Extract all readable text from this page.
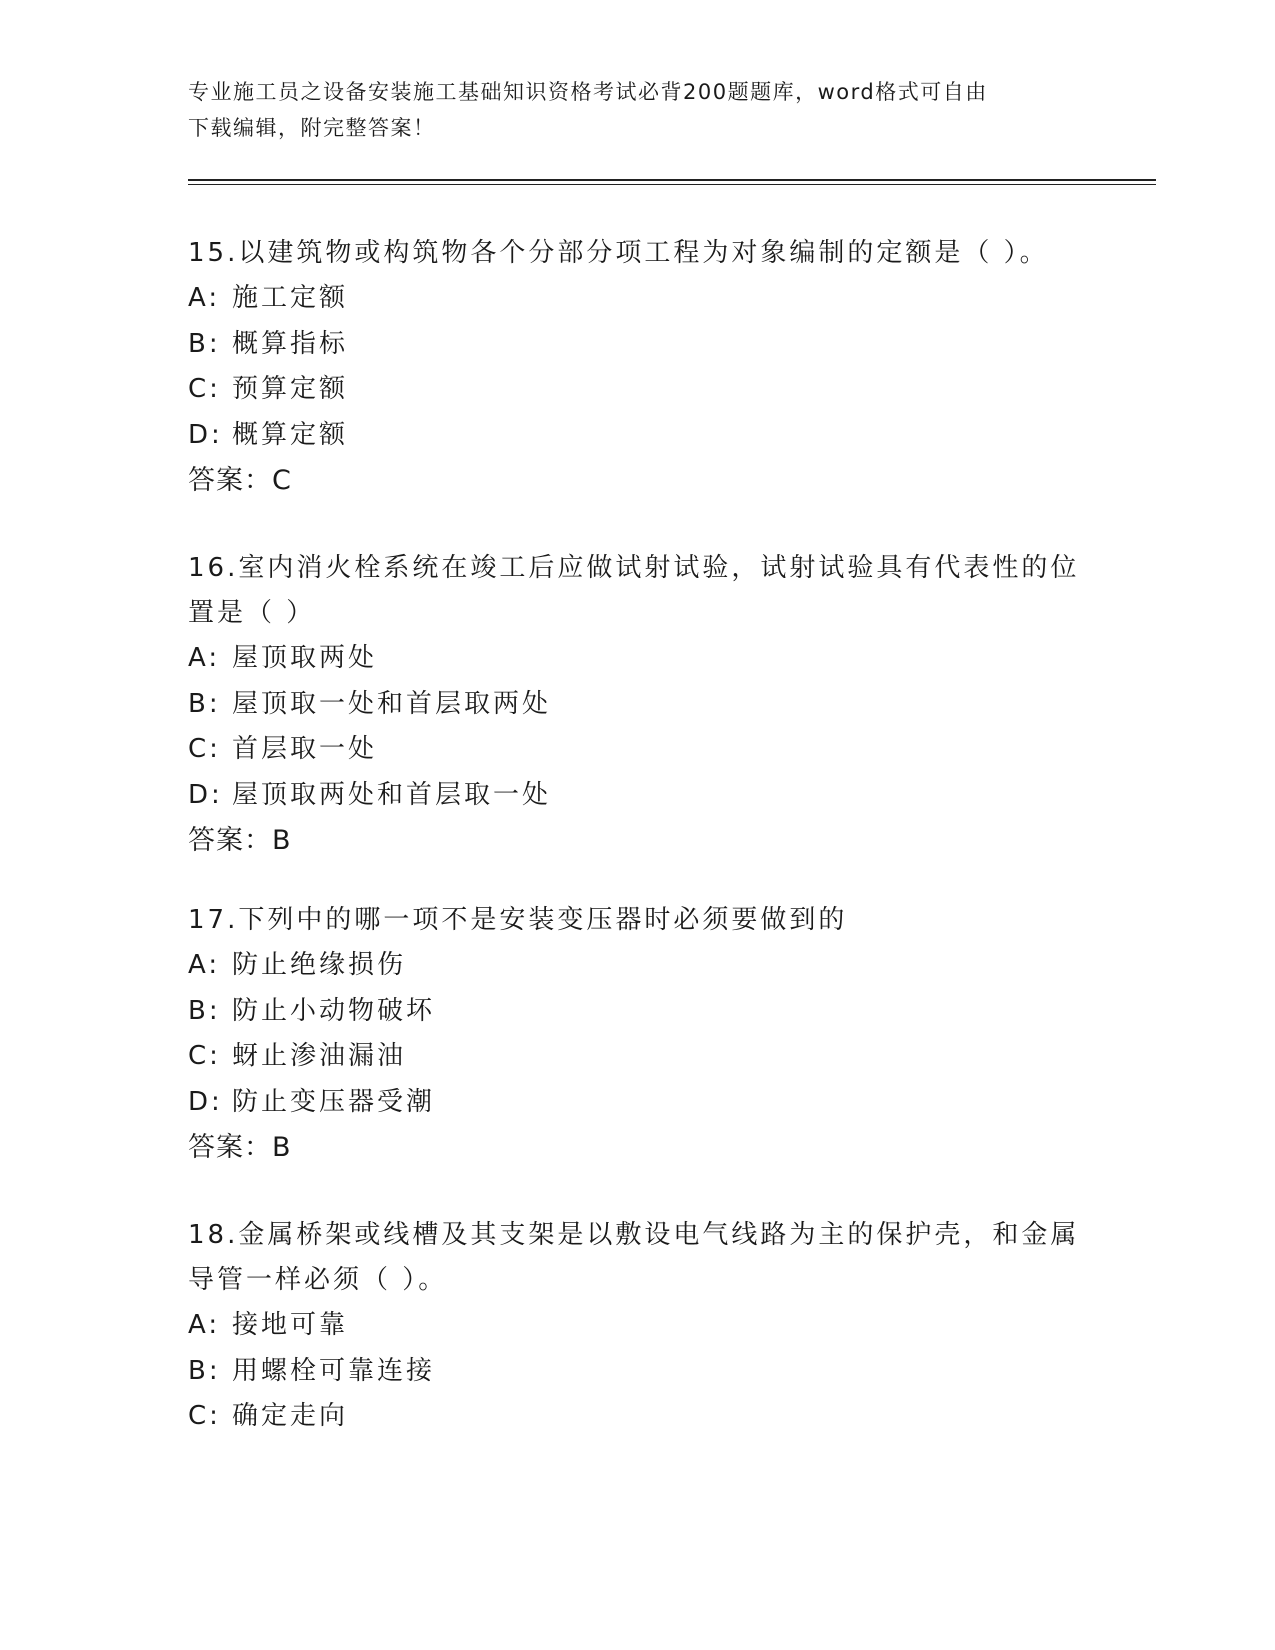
专业施工员之设备安装施工基础知识资格考试必背200题题库，word格式可自由
下载编辑，附完整答案！
15.以建筑物或构筑物各个分部分项工程为对象编制的定额是（ ）。
A: 施工定额
B: 概算指标
C: 预算定额
D: 概算定额
答案：C
16.室内消火栓系统在竣工后应做试射试验，试射试验具有代表性的位
置是（ ）
A: 屋顶取两处
B: 屋顶取一处和首层取两处
C: 首层取一处
D: 屋顶取两处和首层取一处
答案：B
17.下列中的哪一项不是安装变压器时必须要做到的
A: 防止绝缘损伤
B: 防止小动物破坏
C: 蚜止渗油漏油
D: 防止变压器受潮
答案：B
18.金属桥架或线槽及其支架是以敷设电气线路为主的保护壳，和金属
导管一样必须（ ）。
A: 接地可靠
B: 用螺栓可靠连接
C: 确定走向
